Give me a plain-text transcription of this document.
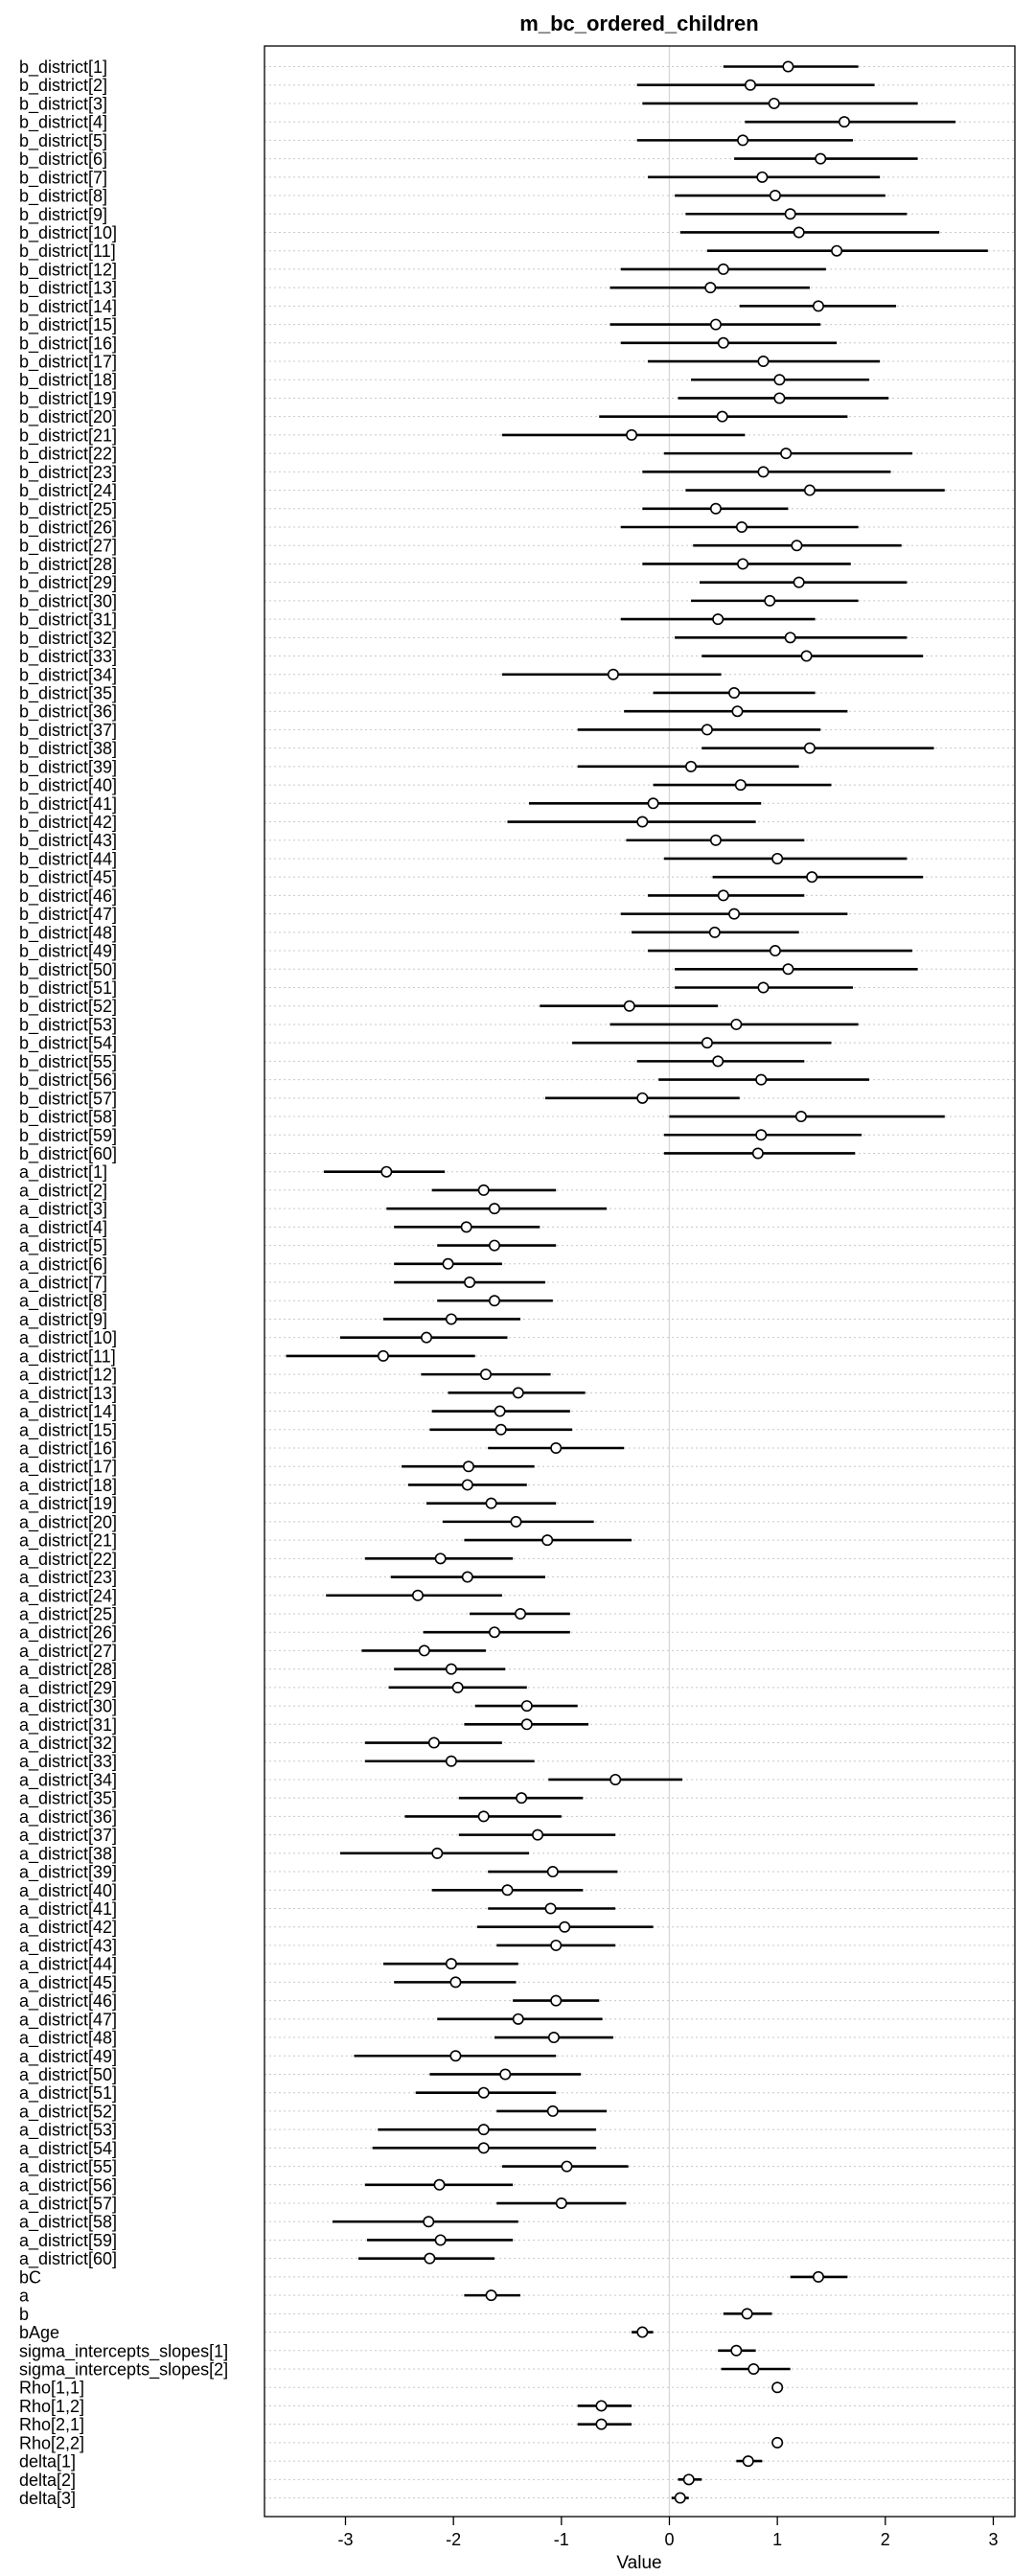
m_bc_ordered_children
b_district[1]
b_district[2]
b_district[3]
b_district[4]
b_district[5]
b_district[6]
b_district[7]
b_district[8]
b_district[9]
b_district[10]
b_district[11]
b_district[12]
b_district[13]
b_district[14]
b_district[15]
b_district[16]
b_district[17]
b_district[18]
b_district[19]
b_district[20]
b_district[21]
b_district[22]
b_district[23]
b_district[24]
b_district[25]
b_district[26]
b_district[27]
b_district[28]
b_district[29]
b_district[30]
b_district[31]
b_district[32]
b_district[33]
b_district[34]
b_district[35]
b_district[36]
b_district[37]
b_district[38]
b_district[39]
b_district[40]
b_district[41]
b_district[42]
b_district[43]
b_district[44]
b_district[45]
b_district[46]
b_district[47]
b_district[48]
b_district[49]
b_district[50]
b_district[51]
b_district[52]
b_district[53]
b_district[54]
b_district[55]
b_district[56]
b_district[57]
b_district[58]
b_district[59]
b_district[60]
a_district[1]
a_district[2]
a_district[3]
a_district[4]
a_district[5]
a_district[6]
a_district[7]
a_district[8]
a_district[9]
a_district[10]
a_district[11]
a_district[12]
a_district[13]
a_district[14]
a_district[15]
a_district[16]
a_district[17]
a_district[18]
a_district[19]
a_district[20]
a_district[21]
a_district[22]
a_district[23]
a_district[24]
a_district[25]
a_district[26]
a_district[27]
a_district[28]
a_district[29]
a_district[30]
a_district[31]
a_district[32]
a_district[33]
a_district[34]
a_district[35]
a_district[36]
a_district[37]
a_district[38]
a_district[39]
a_district[40]
a_district[41]
a_district[42]
a_district[43]
a_district[44]
a_district[45]
a_district[46]
a_district[47]
a_district[48]
a_district[49]
a_district[50]
a_district[51]
a_district[52]
a_district[53]
a_district[54]
a_district[55]
a_district[56]
a_district[57]
a_district[58]
a_district[59]
a_district[60]
bC
a
b
bAge
sigma_intercepts_slopes[1]
sigma_intercepts_slopes[2]
Rho[1,1]
Rho[1,2]
Rho[2,1]
Rho[2,2]
delta[1]
delta[2]
delta[3]
-3	-2	-1	0	1	2	3
Value
